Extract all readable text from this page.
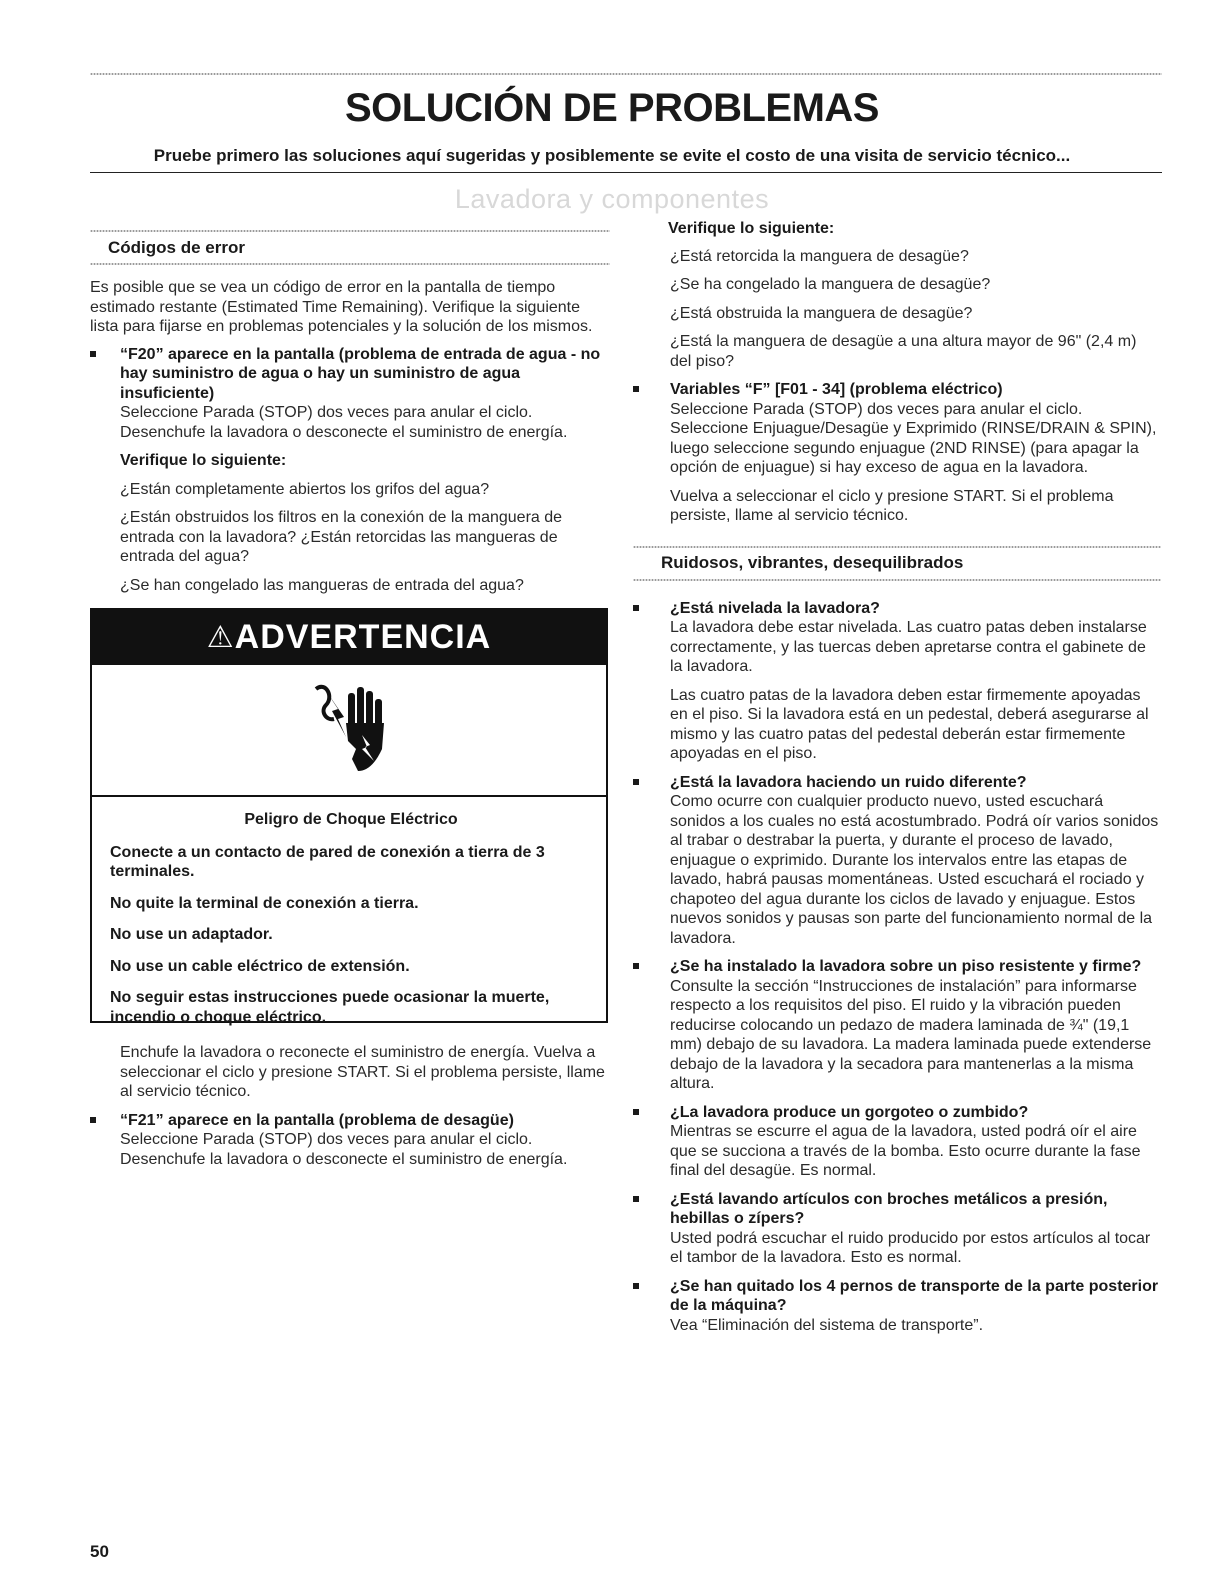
SOLUCIÓN DE PROBLEMAS
Pruebe primero las soluciones aquí sugeridas y posiblemente se evite el costo de una visita de servicio técnico...
Lavadora y componentes
Códigos de error

Es posible que se vea un código de error en la pantalla de tiempo estimado restante (Estimated Time Remaining). Verifique la siguiente lista para fijarse en problemas potenciales y la solución de los mismos.

“F20” aparece en la pantalla (problema de entrada de agua - no hay suministro de agua o hay un suministro de agua insuficiente)
Seleccione Parada (STOP) dos veces para anular el ciclo. Desenchufe la lavadora o desconecte el suministro de energía.
Verifique lo siguiente:
¿Están completamente abiertos los grifos del agua?
¿Están obstruidos los filtros en la conexión de la manguera de entrada con la lavadora? ¿Están retorcidas las mangueras de entrada del agua?
¿Se han congelado las mangueras de entrada del agua?
⚠ADVERTENCIA
Peligro de Choque Eléctrico
Conecte a un contacto de pared de conexión a tierra de 3 terminales.
No quite la terminal de conexión a tierra.
No use un adaptador.
No use un cable eléctrico de extensión.
No seguir estas instrucciones puede ocasionar la muerte, incendio o choque eléctrico.
Enchufe la lavadora o reconecte el suministro de energía. Vuelva a seleccionar el ciclo y presione START. Si el problema persiste, llame al servicio técnico.
“F21” aparece en la pantalla (problema de desagüe)
Seleccione Parada (STOP) dos veces para anular el ciclo. Desenchufe la lavadora o desconecte el suministro de energía.
Verifique lo siguiente:
¿Está retorcida la manguera de desagüe?
¿Se ha congelado la manguera de desagüe?
¿Está obstruida la manguera de desagüe?
¿Está la manguera de desagüe a una altura mayor de 96" (2,4 m) del piso?
Variables “F” [F01 - 34] (problema eléctrico)
Seleccione Parada (STOP) dos veces para anular el ciclo. Seleccione Enjuague/Desagüe y Exprimido (RINSE/DRAIN & SPIN), luego seleccione segundo enjuague (2ND RINSE) (para apagar la opción de enjuague) si hay exceso de agua en la lavadora.
Vuelva a seleccionar el ciclo y presione START. Si el problema persiste, llame al servicio técnico.
Ruidosos, vibrantes, desequilibrados
¿Está nivelada la lavadora?
La lavadora debe estar nivelada. Las cuatro patas deben instalarse correctamente, y las tuercas deben apretarse contra el gabinete de la lavadora.
Las cuatro patas de la lavadora deben estar firmemente apoyadas en el piso. Si la lavadora está en un pedestal, deberá asegurarse al mismo y las cuatro patas del pedestal deberán estar firmemente apoyadas en el piso.
¿Está la lavadora haciendo un ruido diferente?
Como ocurre con cualquier producto nuevo, usted escuchará sonidos a los cuales no está acostumbrado. Podrá oír varios sonidos al trabar o destrabar la puerta, y durante el proceso de lavado, enjuague o exprimido. Durante los intervalos entre las etapas de lavado, habrá pausas momentáneas. Usted escuchará el rociado y chapoteo del agua durante los ciclos de lavado y enjuague. Estos nuevos sonidos y pausas son parte del funcionamiento normal de la lavadora.
¿Se ha instalado la lavadora sobre un piso resistente y firme?
Consulte la sección “Instrucciones de instalación” para informarse respecto a los requisitos del piso. El ruido y la vibración pueden reducirse colocando un pedazo de madera laminada de ¾" (19,1 mm) debajo de su lavadora. La madera laminada puede extenderse debajo de la lavadora y la secadora para mantenerlas a la misma altura.
¿La lavadora produce un gorgoteo o zumbido?
Mientras se escurre el agua de la lavadora, usted podrá oír el aire que se succiona a través de la bomba. Esto ocurre durante la fase final del desagüe. Es normal.
¿Está lavando artículos con broches metálicos a presión, hebillas o zípers?
Usted podrá escuchar el ruido producido por estos artículos al tocar el tambor de la lavadora. Esto es normal.
¿Se han quitado los 4 pernos de transporte de la parte posterior de la máquina?
Vea “Eliminación del sistema de transporte”.
50
